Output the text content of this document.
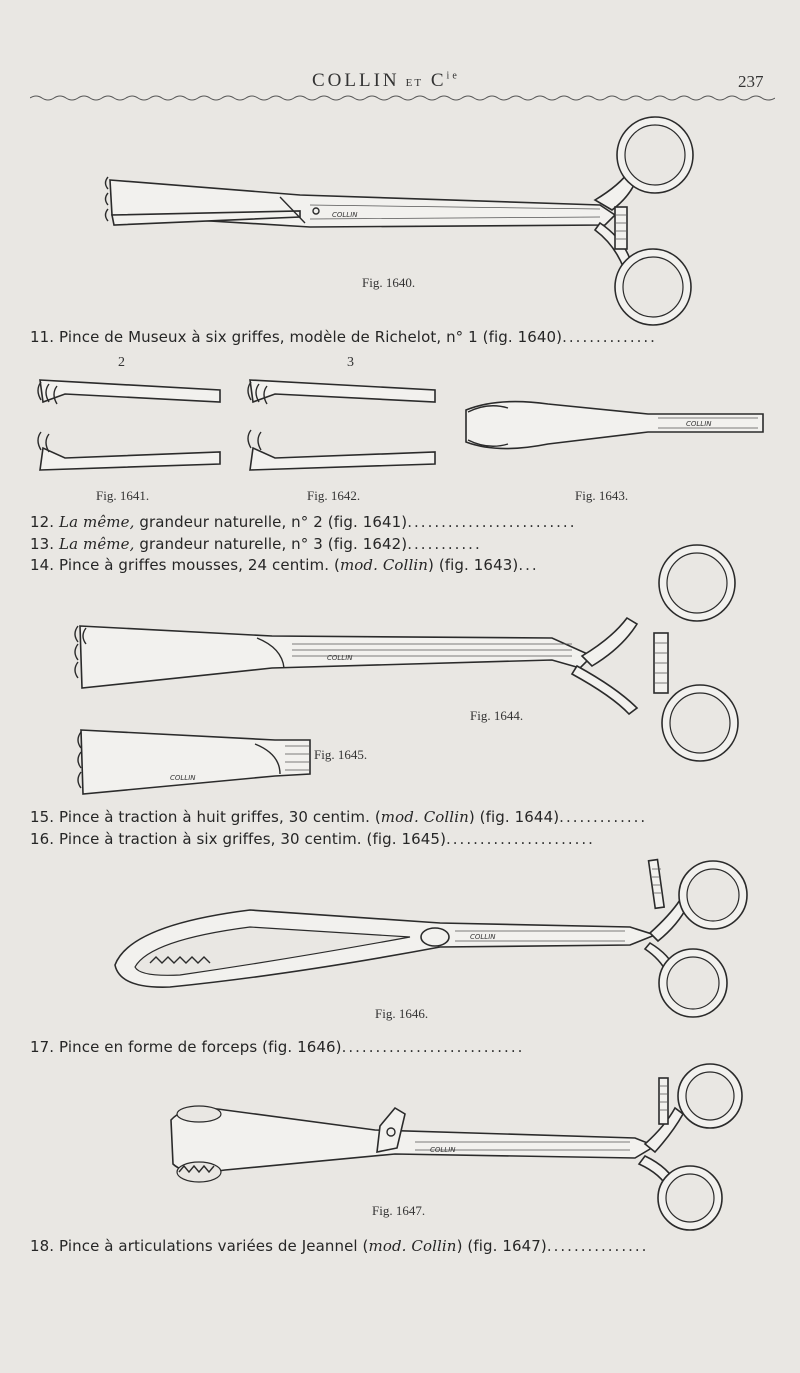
COLLIN ET $C^{ie}$	237
COLLIN
Fig. 1640.
11. Pince de Museux à six griffes, modèle de Richelot, n° 1 (fig. 1640)..............
2	3
COLLIN
Fig. 1641.	Fig. 1642.	Fig. 1643.
12. La même, grandeur naturelle, n° 2 (fig. 1641).........................
13. La même, grandeur naturelle, n° 3 (fig. 1642)...........
14. Pince à griffes mousses, 24 centim. (mod. Collin) (fig. 1643)...
COLLIN
Fig. 1644.
COLLIN
Fig. 1645.
15. Pince à traction à huit griffes, 30 centim. (mod. Collin) (fig. 1644).............
16. Pince à traction à six griffes, 30 centim. (fig. 1645)......................
COLLIN
Fig. 1646.
17. Pince en forme de forceps (fig. 1646)...........................
COLLIN
Fig. 1647.
18. Pince à articulations variées de Jeannel (mod. Collin) (fig. 1647)...............
